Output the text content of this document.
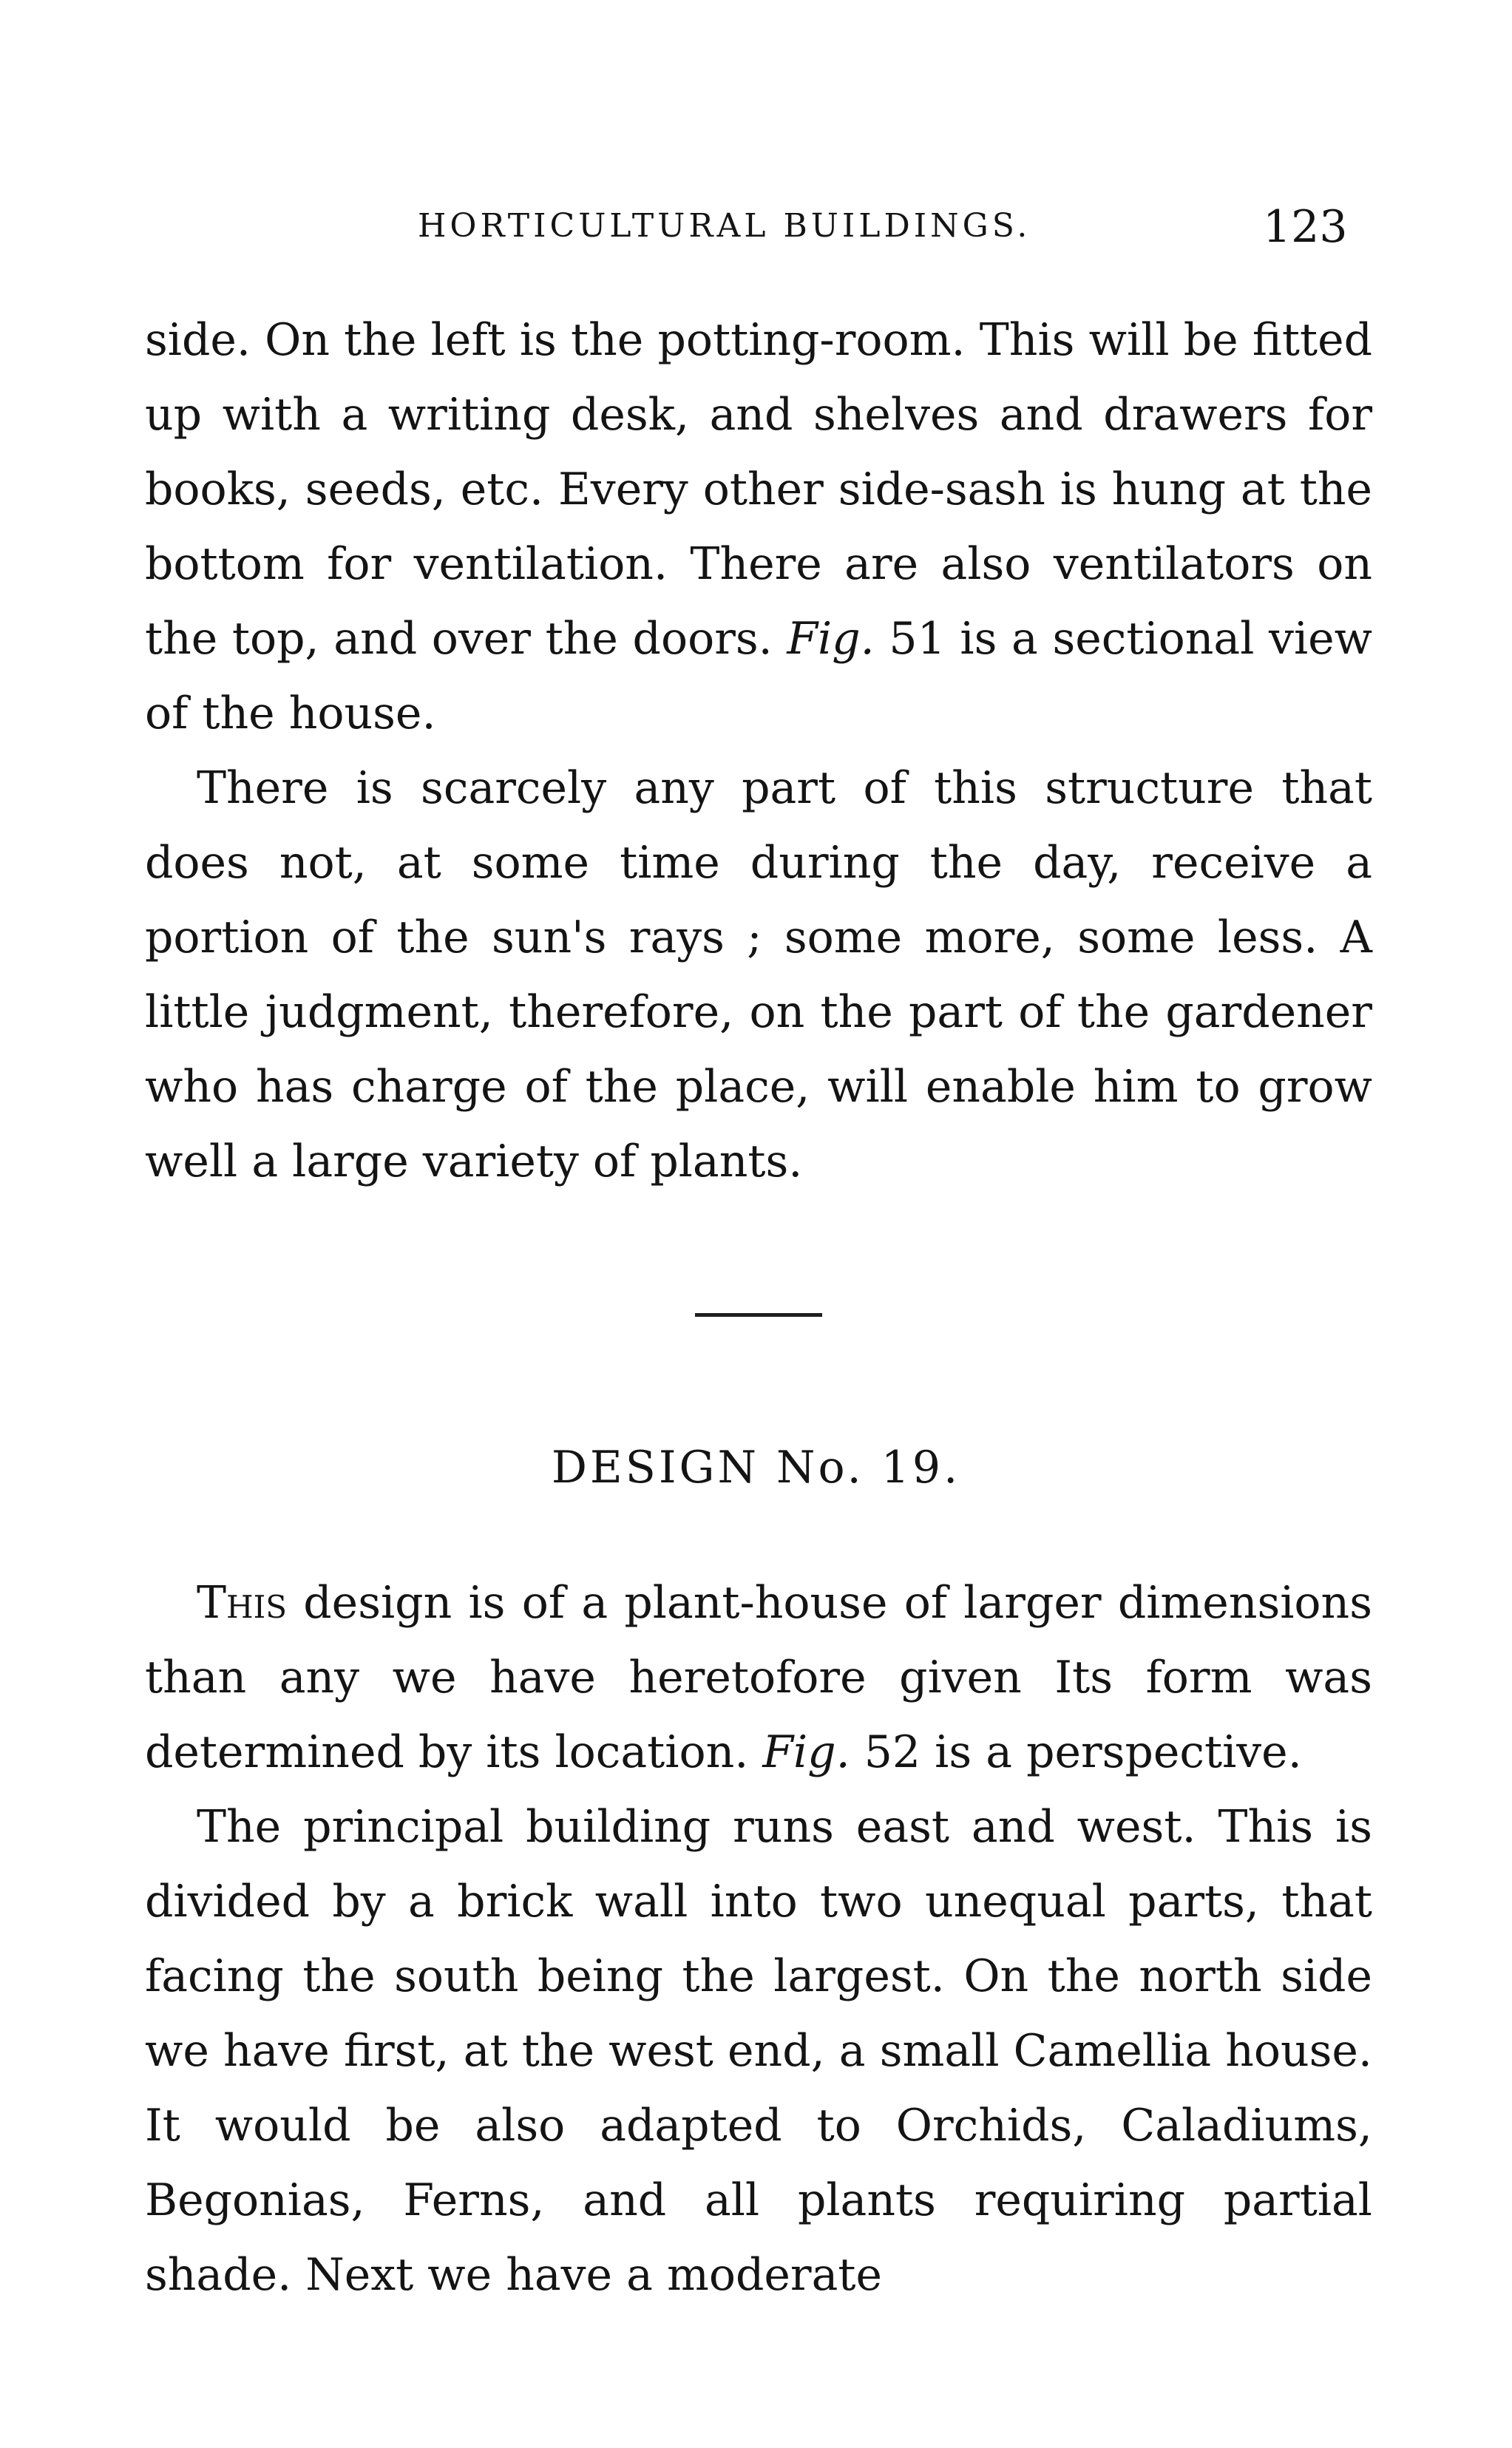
HORTICULTURAL BUILDINGS.	123

side. On the left is the potting-room. This will be fitted up with a writing desk, and shelves and drawers for books, seeds, etc. Every other side-sash is hung at the bottom for ventilation. There are also ventilators on the top, and over the doors. Fig. 51 is a sectional view of the house.

There is scarcely any part of this structure that does not, at some time during the day, receive a portion of the sun's rays ; some more, some less. A little judgment, therefore, on the part of the gardener who has charge of the place, will enable him to grow well a large variety of plants.

DESIGN No. 19.

This design is of a plant-house of larger dimensions than any we have heretofore given Its form was determined by its location. Fig. 52 is a perspective.

The principal building runs east and west. This is divided by a brick wall into two unequal parts, that facing the south being the largest. On the north side we have first, at the west end, a small Camellia house. It would be also adapted to Orchids, Caladiums, Begonias, Ferns, and all plants requiring partial shade. Next we have a moderate
